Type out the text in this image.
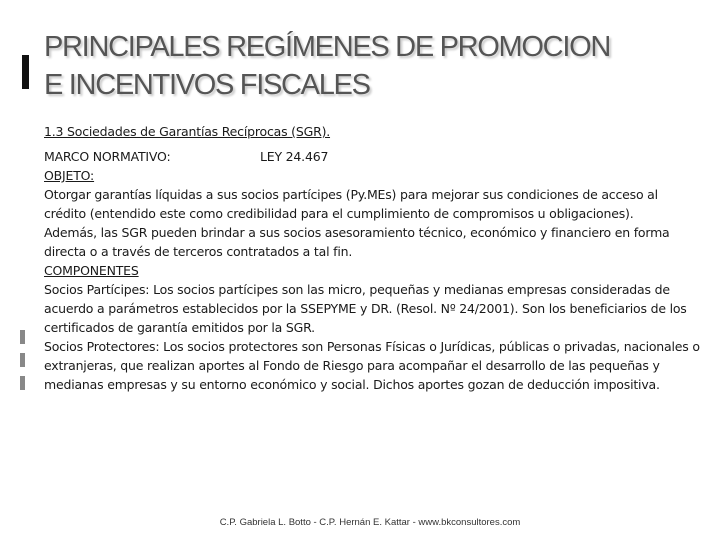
PRINCIPALES REGÍMENES DE PROMOCION
E INCENTIVOS FISCALES

1.3 Sociedades de Garantías Recíprocas (SGR).

MARCO NORMATIVO:	LEY 24.467

OBJETO:

Otorgar garantías líquidas a sus socios partícipes (Py.MEs) para mejorar sus condiciones de acceso al crédito (entendido este como credibilidad para el cumplimiento de compromisos u obligaciones).

Además, las SGR pueden brindar a sus socios asesoramiento técnico, económico y financiero en forma directa o a través de terceros contratados a tal fin.

COMPONENTES

Socios Partícipes: Los socios partícipes son las micro, pequeñas y medianas empresas consideradas de acuerdo a parámetros establecidos por la SSEPYME y DR. (Resol. Nº 24/2001). Son los beneficiarios de los certificados de garantía emitidos por la SGR.

Socios Protectores: Los socios protectores son Personas Físicas o Jurídicas, públicas o privadas, nacionales o extranjeras, que realizan aportes al Fondo de Riesgo para acompañar el desarrollo de las pequeñas y medianas empresas y su entorno económico y social. Dichos aportes gozan de deducción impositiva.

C.P. Gabriela L. Botto - C.P. Hernán E. Kattar - www.bkconsultores.com
